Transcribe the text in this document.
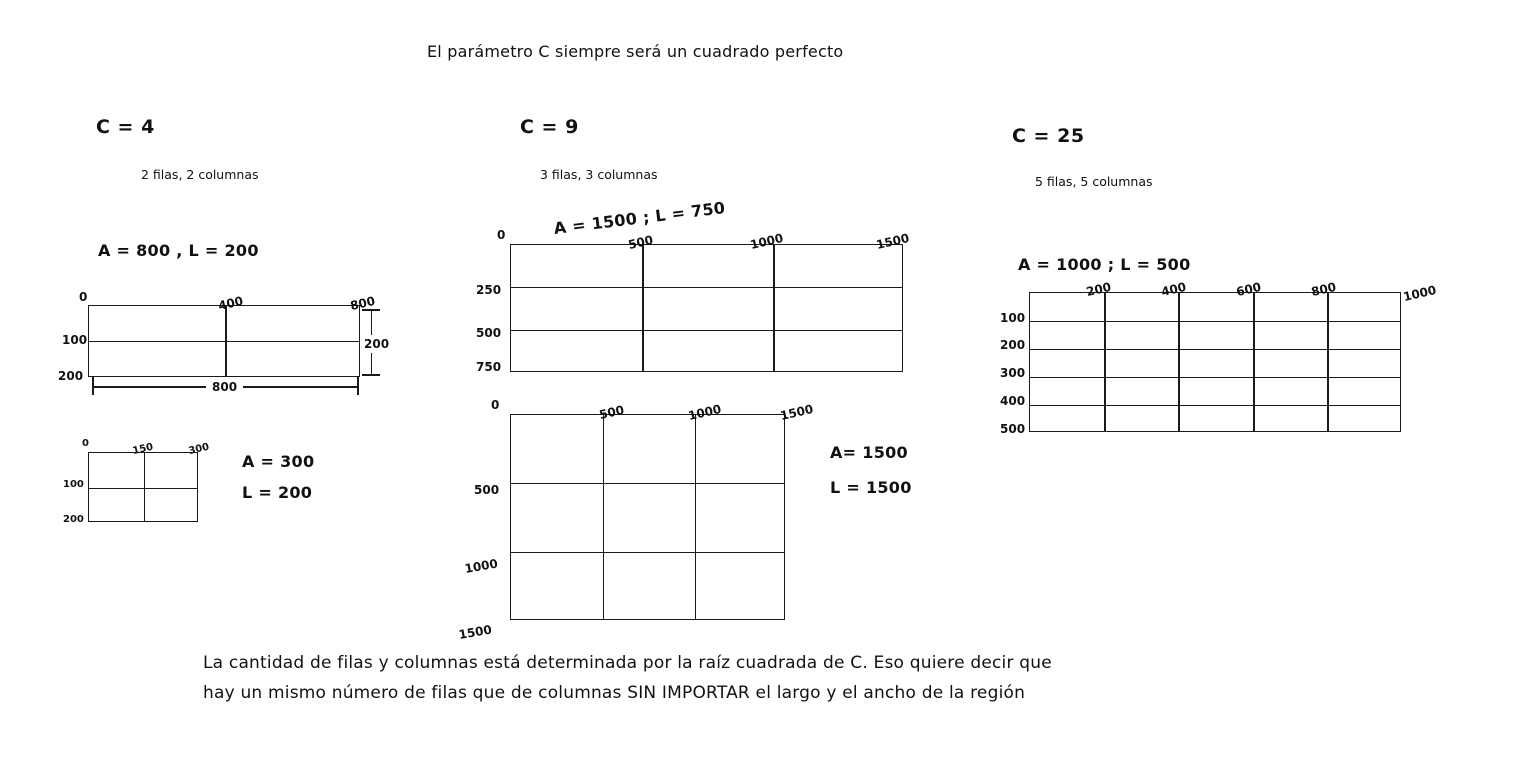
El parámetro C siempre será un cuadrado perfecto
C = 4
2 filas, 2 columnas
A = 800 , L = 200
0	400	800
100
200
800
200
0	150	300
100
200
A = 300
L = 200
C = 9
3 filas, 3 columnas
A = 1500 ; L = 750
0	500	1000	1500
250
500
750
0	500	1000	1500
500
1000
1500
A= 1500
L = 1500
C = 25
5 filas, 5 columnas
A = 1000 ; L = 500
200	400	600	800	1000
100
200
300
400
500
La cantidad de filas y columnas está determinada por la raíz cuadrada de C. Eso quiere decir que
hay un mismo número de filas que de columnas SIN IMPORTAR el largo y el ancho de la región
